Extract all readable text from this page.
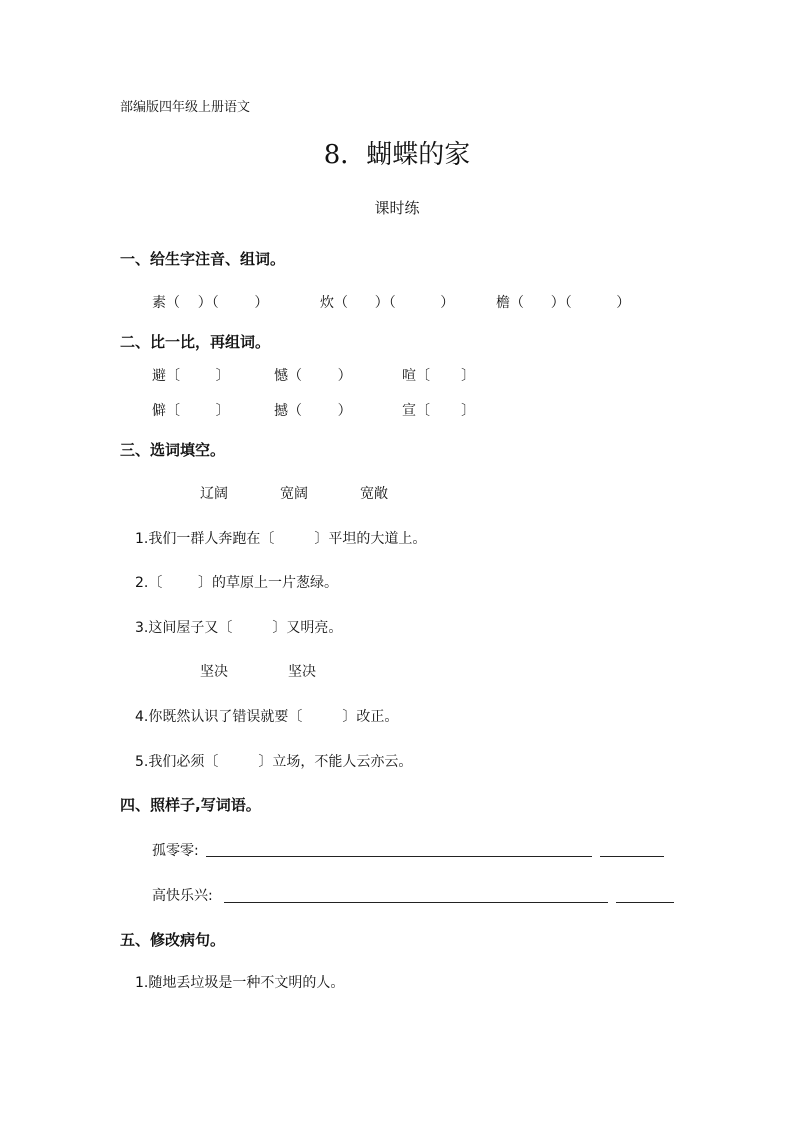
部编版四年级上册语文
8．蝴蝶的家
课时练
一、给生字注音、组词。
素（    ）（        ）	炊（      ）（          ）	檐（      ）（          ）
二、比一比，再组词。
避〔        〕	憾（        ）	喧〔       〕
僻〔        〕	撼（        ）	宣〔       〕
三、选词填空。
辽阔	宽阔	宽敞
1.我们一群人奔跑在〔         〕平坦的大道上。
2.〔        〕的草原上一片葱绿。
3.这间屋子又〔         〕又明亮。
坚决	坚决
4.你既然认识了错误就要〔         〕改正。
5.我们必须〔         〕立场，不能人云亦云。
四、照样子,写词语。
孤零零:
高快乐兴:
五、修改病句。
1.随地丢垃圾是一种不文明的人。
